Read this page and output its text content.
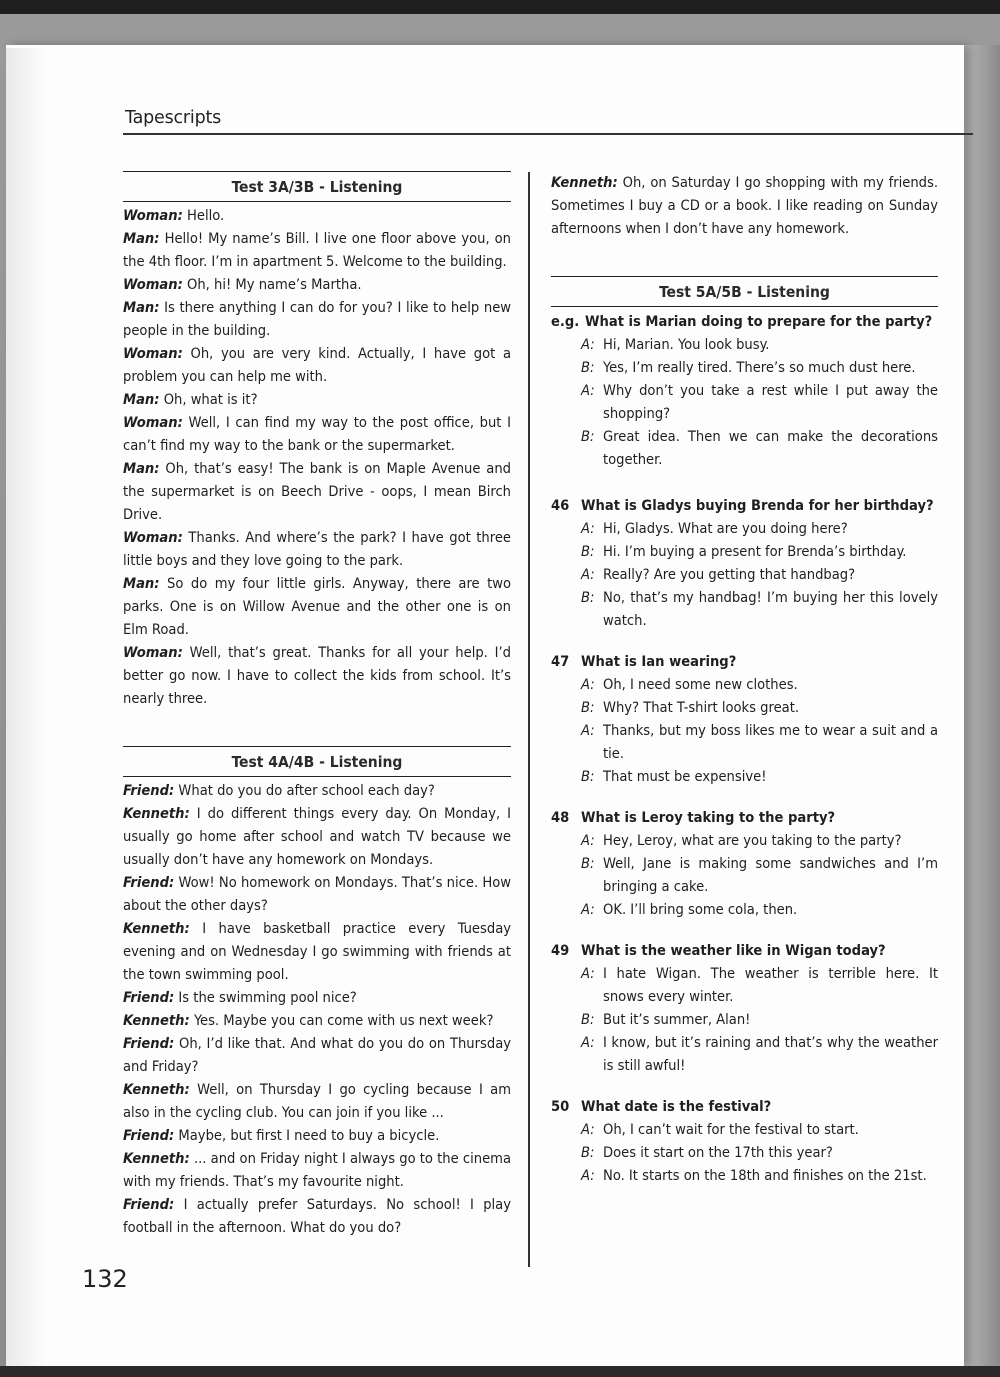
Tapescripts
Test 3A/3B - Listening

Woman: Hello.

Man: Hello! My name’s Bill. I live one floor above you, on the 4th floor. I’m in apartment 5. Welcome to the building.

Woman: Oh, hi! My name’s Martha.

Man: Is there anything I can do for you? I like to help new people in the building.

Woman: Oh, you are very kind. Actually, I have got a problem you can help me with.

Man: Oh, what is it?

Woman: Well, I can find my way to the post office, but I can’t find my way to the bank or the supermarket.

Man: Oh, that’s easy! The bank is on Maple Avenue and the supermarket is on Beech Drive - oops, I mean Birch Drive.

Woman: Thanks. And where’s the park? I have got three little boys and they love going to the park.

Man: So do my four little girls. Anyway, there are two parks. One is on Willow Avenue and the other one is on Elm Road.

Woman: Well, that’s great. Thanks for all your help. I’d better go now. I have to collect the kids from school. It’s nearly three.

Test 4A/4B - Listening

Friend: What do you do after school each day?

Kenneth: I do different things every day. On Monday, I usually go home after school and watch TV because we usually don’t have any homework on Mondays.

Friend: Wow! No homework on Mondays. That’s nice. How about the other days?

Kenneth: I have basketball practice every Tuesday evening and on Wednesday I go swimming with friends at the town swimming pool.

Friend: Is the swimming pool nice?

Kenneth: Yes. Maybe you can come with us next week?

Friend: Oh, I’d like that. And what do you do on Thursday and Friday?

Kenneth: Well, on Thursday I go cycling because I am also in the cycling club. You can join if you like ...

Friend: Maybe, but first I need to buy a bicycle.

Kenneth: ... and on Friday night I always go to the cinema with my friends. That’s my favourite night.

Friend: I actually prefer Saturdays. No school! I play football in the afternoon. What do you do?

Kenneth: Oh, on Saturday I go shopping with my friends. Sometimes I buy a CD or a book. I like reading on Sunday afternoons when I don’t have any homework.

Test 5A/5B - Listening
e.g. What is Marian doing to prepare for the party?
A: Hi, Marian. You look busy.
B: Yes, I’m really tired. There’s so much dust here.
A: Why don’t you take a rest while I put away the shopping?
B: Great idea. Then we can make the decorations together.
46 What is Gladys buying Brenda for her birthday?
A: Hi, Gladys. What are you doing here?
B: Hi. I’m buying a present for Brenda’s birthday.
A: Really? Are you getting that handbag?
B: No, that’s my handbag! I’m buying her this lovely watch.
47 What is Ian wearing?
A: Oh, I need some new clothes.
B: Why? That T-shirt looks great.
A: Thanks, but my boss likes me to wear a suit and a tie.
B: That must be expensive!
48 What is Leroy taking to the party?
A: Hey, Leroy, what are you taking to the party?
B: Well, Jane is making some sandwiches and I’m bringing a cake.
A: OK. I’ll bring some cola, then.
49 What is the weather like in Wigan today?
A: I hate Wigan. The weather is terrible here. It snows every winter.
B: But it’s summer, Alan!
A: I know, but it’s raining and that’s why the weather is still awful!
50 What date is the festival?
A: Oh, I can’t wait for the festival to start.
B: Does it start on the 17th this year?
A: No. It starts on the 18th and finishes on the 21st.
132
